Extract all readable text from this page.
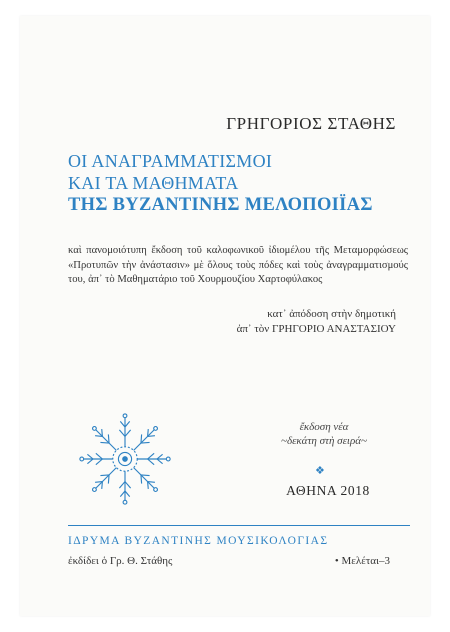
ΓΡΗΓΟΡΙΟΣ ΣΤΑΘΗΣ
ΟΙ ΑΝΑΓΡΑΜΜΑΤΙΣΜΟΙ
ΚΑΙ ΤΑ ΜΑΘΗΜΑΤΑ
ΤΗΣ ΒΥΖΑΝΤΙΝΗΣ ΜΕΛΟΠΟΙΪΑΣ
καὶ πανομοιότυπη ἔκδοση τοῦ καλοφωνικοῦ ἰδιομέλου τῆς Μεταμορφώσεως «Προτυπῶν τὴν ἀνάστασιν» μὲ ὅλους τοὺς πόδες καὶ τοὺς ἀναγραμματισμούς του, ἀπ᾿ τὸ Μαθηματάριο τοῦ Χουρμουζίου Χαρτοφύλακος
κατ᾿ ἀπόδοση στὴν δημοτική
ἀπ᾿ τὸν ΓΡΗΓΟΡΙΟ ΑΝΑΣΤΑΣΙΟΥ
ἔκδοση νέα
~δεκάτη στὴ σειρά~
❖
ΑΘΗΝΑ 2018
ΙΔΡΥΜΑ ΒΥΖΑΝΤΙΝΗΣ ΜΟΥΣΙΚΟΛΟΓΙΑΣ
ἐκδίδει ὁ Γρ. Θ. Στάθης	• Μελέται–3
